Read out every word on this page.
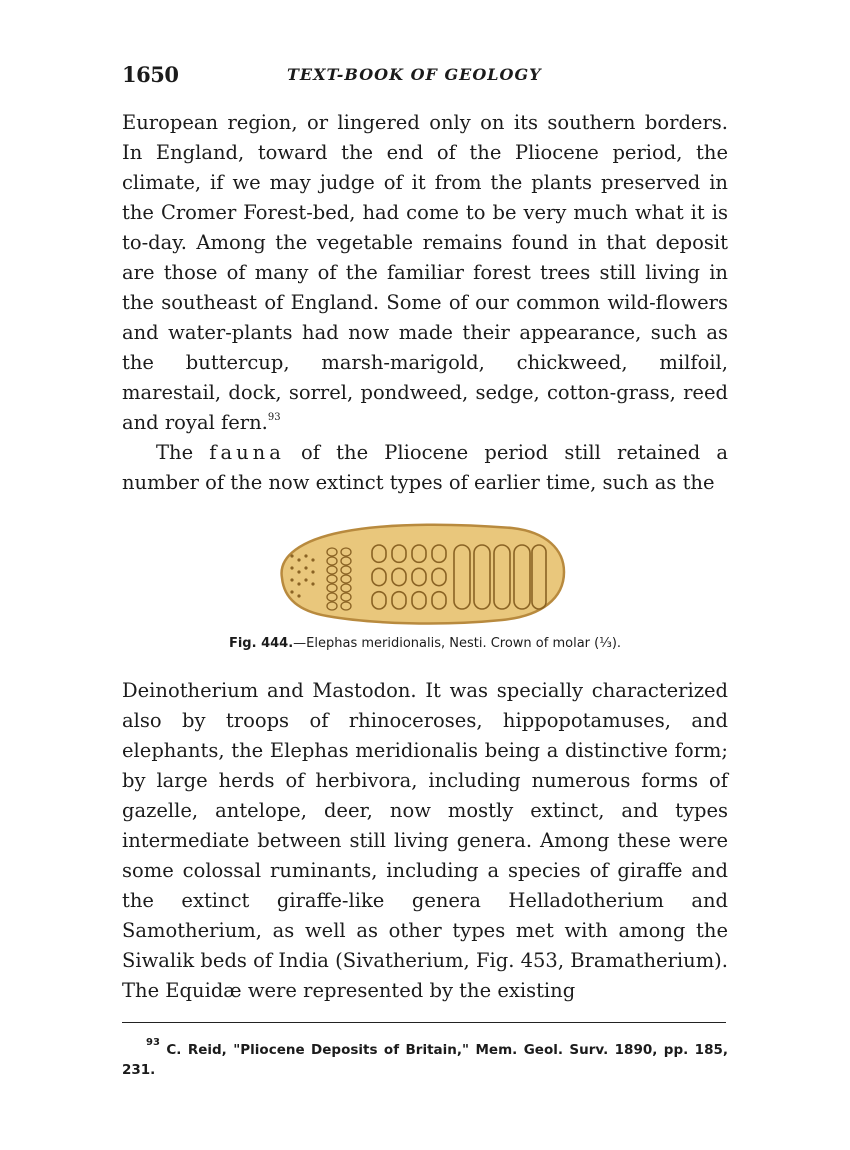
1650	TEXT-BOOK OF GEOLOGY

European region, or lingered only on its southern borders. In England, toward the end of the Pliocene period, the climate, if we may judge of it from the plants preserved in the Cromer Forest-bed, had come to be very much what it is to-day. Among the vegetable remains found in that deposit are those of many of the familiar forest trees still living in the southeast of England. Some of our common wild-flowers and water-plants had now made their appearance, such as the buttercup, marsh-marigold, chickweed, milfoil, marestail, dock, sorrel, pondweed, sedge, cotton-grass, reed and royal fern.$^{93}$

The fauna of the Pliocene period still retained a number of the now extinct types of earlier time, such as the

Fig. 444.—Elephas meridionalis, Nesti. Crown of molar (⅓).

Deinotherium and Mastodon. It was specially characterized also by troops of rhinoceroses, hippopotamuses, and elephants, the Elephas meridionalis being a distinctive form; by large herds of herbivora, including numerous forms of gazelle, antelope, deer, now mostly extinct, and types intermediate between still living genera. Among these were some colossal ruminants, including a species of giraffe and the extinct giraffe-like genera Helladotherium and Samotherium, as well as other types met with among the Siwalik beds of India (Sivatherium, Fig. 453, Bramatherium). The Equidæ were represented by the existing

$^{93}$ C. Reid, "Pliocene Deposits of Britain," Mem. Geol. Surv. 1890, pp. 185, 231.
